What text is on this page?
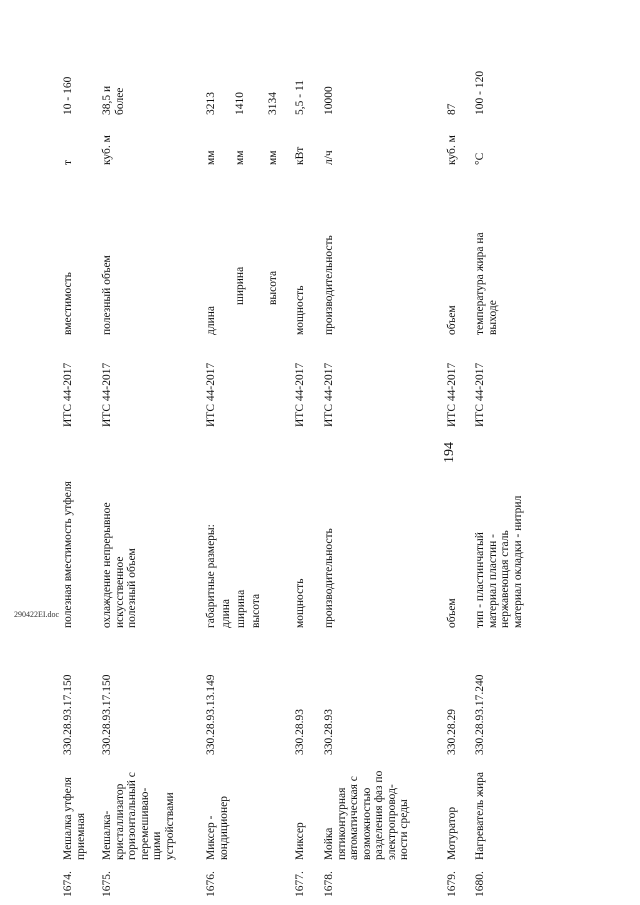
194
1674.
Мешалка утфеля приемная
330.28.93.17.150
полезная вместимость утфеля
ИТС 44-2017
вместимость
т
10 - 160
1675.
Мешалка- кристаллизатор горизонтальный с перемешиваю- щими устройствами
330.28.93.17.150
охлаждение непрерывное искусственное полезный объем
ИТС 44-2017
полезный объем
куб. м
38,5 и более
1676.
Миксер - кондиционер
330.28.93.13.149
габаритные размеры: длина ширина высота
ИТС 44-2017
длина
мм
3213
ширина
мм
1410
высота
мм
3134
1677.
Миксер
330.28.93
мощность
ИТС 44-2017
мощность
кВт
5,5 - 11
1678.
Мойка пятиконтурная автоматическая с возможностью разделения фаз по электропровод- ности среды
330.28.93
производительность
ИТС 44-2017
производительность
л/ч
10000
1679.
Мотуратор
330.28.29
объем
ИТС 44-2017
объем
куб. м
87
1680.
Нагреватель жира
330.28.93.17.240
тип - пластинчатый материал пластин - нержавеющая сталь материал окладки - нитрил
ИТС 44-2017
температура жира на выходе
°С
100 - 120
290422EI.doc
